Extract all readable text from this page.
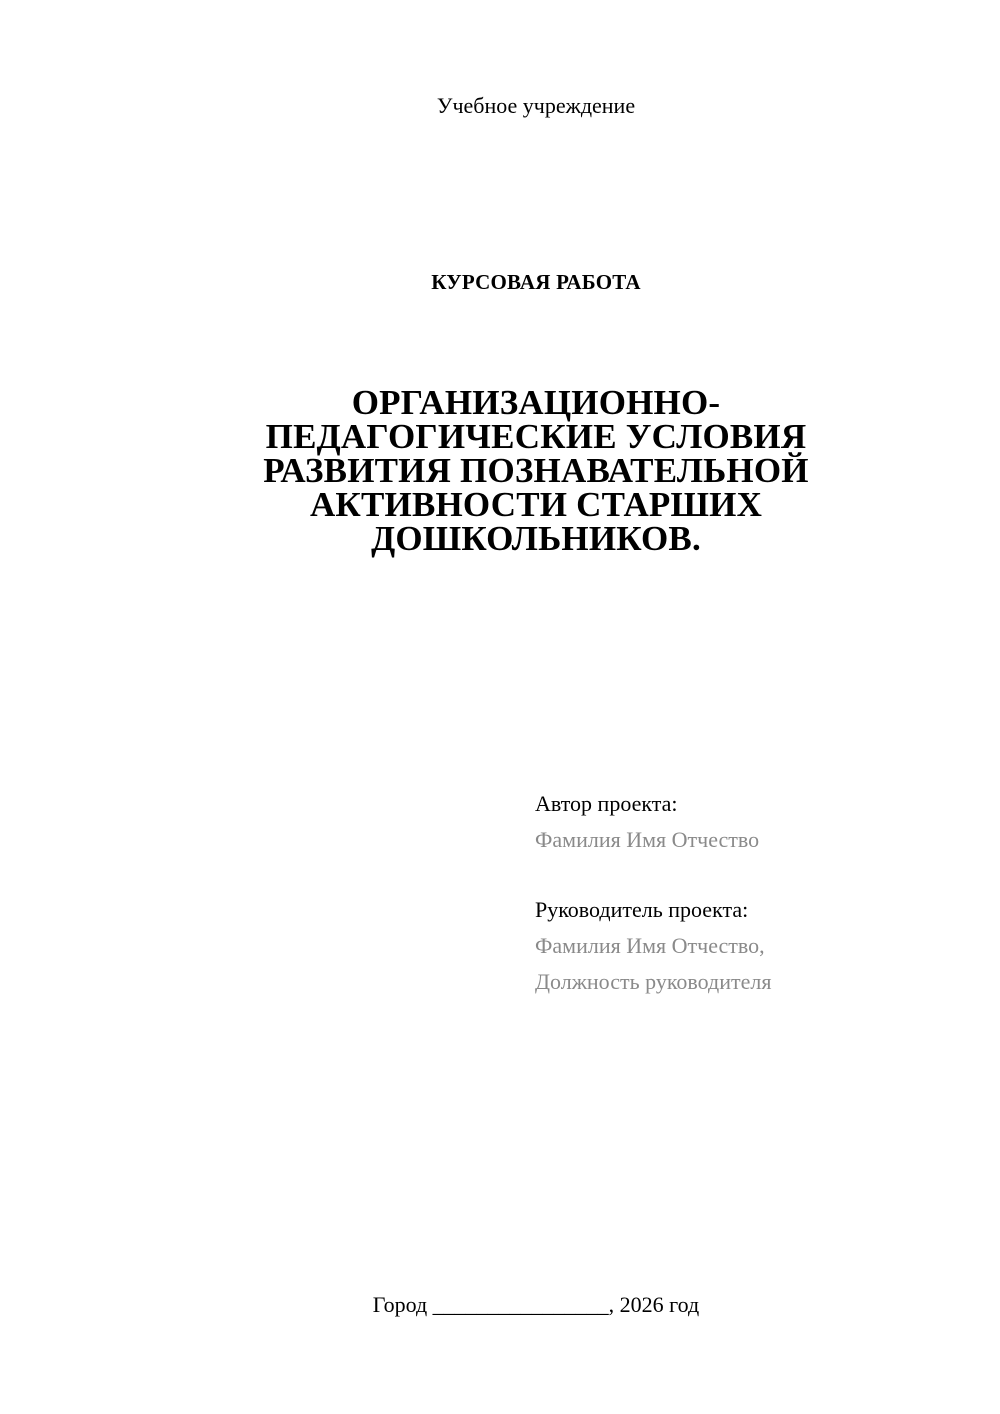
Учебное учреждение
КУРСОВАЯ РАБОТА
ОРГАНИЗАЦИОННО-
ПЕДАГОГИЧЕСКИЕ УСЛОВИЯ
РАЗВИТИЯ ПОЗНАВАТЕЛЬНОЙ
АКТИВНОСТИ СТАРШИХ
ДОШКОЛЬНИКОВ.
Автор проекта:
Фамилия Имя Отчество
Руководитель проекта:
Фамилия Имя Отчество,
Должность руководителя
Город ________________, 2026 год
